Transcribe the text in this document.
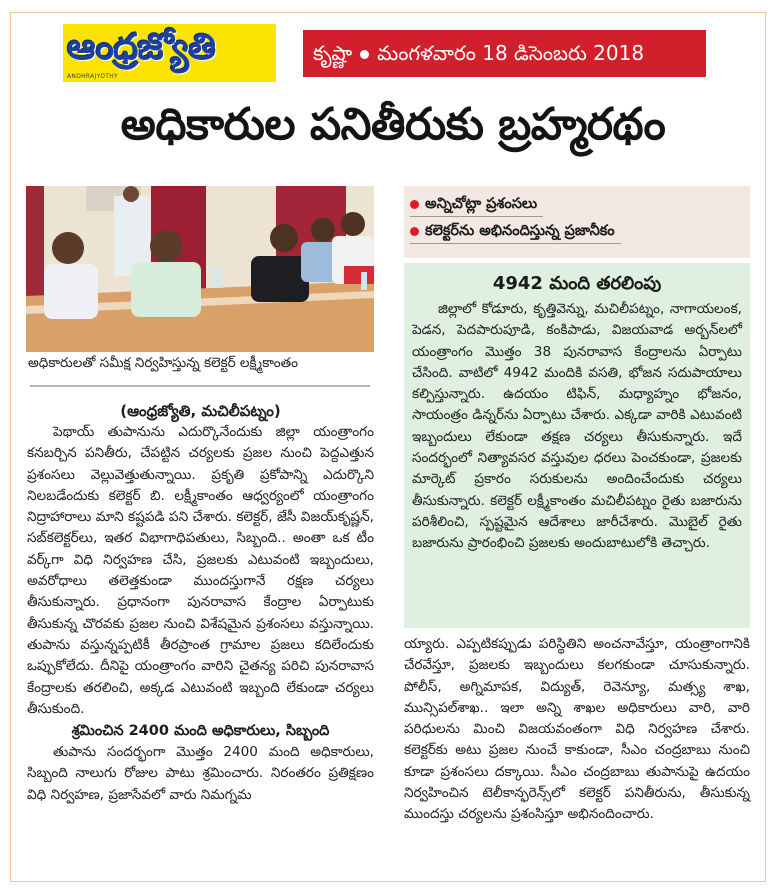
ఆంధ్రజ్యోతి
ANDHRAJYOTHY
కృష్ణా మంగళవారం 18 డిసెంబరు 2018
అధికారుల పనితీరుకు బ్రహ్మరథం
అధికారులతో సమీక్ష నిర్వహిస్తున్న కలెక్టర్ లక్ష్మీకాంతం
(ఆంధ్రజ్యోతి, మచిలీపట్నం)

పెథాయ్ తుపానును ఎదుర్కొనేందుకు జిల్లా యంత్రాంగం కనబర్చిన పనితీరు, చేపట్టిన చర్యలకు ప్రజల నుంచి పెద్దఎత్తున ప్రశంసలు వెల్లువెత్తుతున్నాయి. ప్రకృతి ప్రకోపాన్ని ఎదుర్కొని నిలబడేందుకు కలెక్టర్ బి. లక్ష్మీకాంతం ఆధ్వర్యంలో యంత్రాంగం నిద్రాహారాలు మాని కష్టపడి పని చేశారు. కలెక్టర్, జేసీ విజయ్‌కృష్ణన్, సబ్‌కలెక్టర్‌లు, ఇతర విభాగాధిపతులు, సిబ్బంది.. అంతా ఒక టీం వర్క్‌గా విధి నిర్వహణ చేసి, ప్రజలకు ఎటువంటి ఇబ్బందులు, అవరోధాలు తలెత్తకుండా ముందస్తుగానే రక్షణ చర్యలు తీసుకున్నారు. ప్రధానంగా పునరావాస కేంద్రాల ఏర్పాటుకు తీసుకున్న చొరవకు ప్రజల నుంచి విశేషమైన ప్రశంసలు వస్తున్నాయి. తుపాను వస్తున్నప్పటికీ తీరప్రాంత గ్రామాల ప్రజలు కదిలేందుకు ఒప్పుకోలేదు. దీనిపై యంత్రాంగం వారిని చైతన్య పరిచి పునరావాస కేంద్రాలకు తరలించి, అక్కడ ఎటువంటి ఇబ్బంది లేకుండా చర్యలు తీసుకుంది.

శ్రమించిన 2400 మంది అధికారులు, సిబ్బంది

తుపాను సందర్భంగా మొత్తం 2400 మంది అధికారులు, సిబ్బంది నాలుగు రోజుల పాటు శ్రమించారు. నిరంతరం ప్రతిక్షణం విధి నిర్వహణ, ప్రజాసేవలో వారు నిమగ్నమ

అన్నిచోట్లా ప్రశంసలు
కలెక్టర్‌ను అభినందిస్తున్న ప్రజానీకం
4942 మంది తరలింపు

జిల్లాలో కోడూరు, కృత్తివెన్ను, మచిలీపట్నం, నాగాయలంక, పెడన, పెదపారుపూడి, కంకిపాడు, విజయవాడ అర్బన్‌లలో యంత్రాంగం మొత్తం 38 పునరావాస కేంద్రాలను ఏర్పాటు చేసింది. వాటిలో 4942 మందికి వసతి, భోజన సదుపాయాలు కల్పిస్తున్నారు. ఉదయం టిఫిన్, మధ్యాహ్నం భోజనం, సాయంత్రం డిన్నర్‌ను ఏర్పాటు చేశారు. ఎక్కడా వారికి ఎటువంటి ఇబ్బందులు లేకుండా తక్షణ చర్యలు తీసుకున్నారు. ఇదే సందర్భంలో నిత్యావసర వస్తువుల ధరలు పెంచకుండా, ప్రజలకు మార్కెట్ ప్రకారం సరుకులను అందించేందుకు చర్యలు తీసుకున్నారు. కలెక్టర్ లక్ష్మీకాంతం మచిలీపట్నం రైతు బజారును పరిశీలించి, స్పష్టమైన ఆదేశాలు జారీచేశారు. మొబైల్ రైతు బజారును ప్రారంభించి ప్రజలకు అందుబాటులోకి తెచ్చారు.

య్యారు. ఎప్పటికప్పుడు పరిస్థితిని అంచనావేస్తూ, యంత్రాంగానికి చేరవేస్తూ, ప్రజలకు ఇబ్బందులు కలగకుండా చూసుకున్నారు. పోలీస్, అగ్నిమాపక, విద్యుత్, రెవెన్యూ, మత్స్య శాఖ, మున్సిపల్‌శాఖ.. ఇలా అన్ని శాఖల అధికారులు వారి, వారి పరిధులను మించి విజయవంతంగా విధి నిర్వహణ చేశారు. కలెక్టర్‌కు అటు ప్రజల నుంచే కాకుండా, సీఎం చంద్రబాబు నుంచి కూడా ప్రశంసలు దక్కాయి. సీఎం చంద్రబాబు తుపానుపై ఉదయం నిర్వహించిన టెలీకాన్ఫరెన్స్‌లో కలెక్టర్ పనితీరును, తీసుకున్న ముందస్తు చర్యలను ప్రశంసిస్తూ అభినందించారు.
